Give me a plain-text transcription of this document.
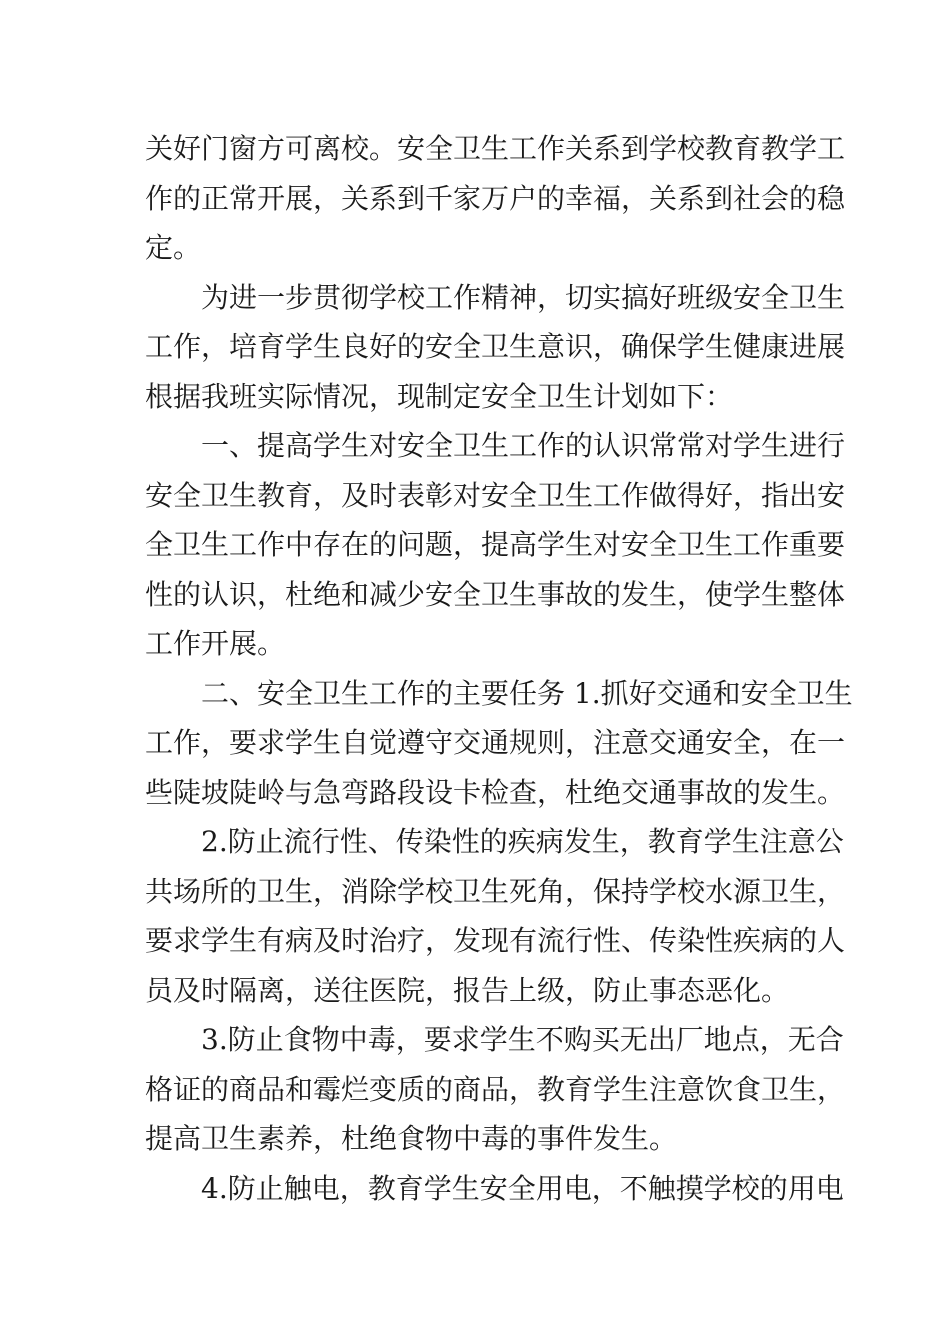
关好门窗方可离校。安全卫生工作关系到学校教育教学工
作的正常开展，关系到千家万户的幸福，关系到社会的稳
定。
　　为进一步贯彻学校工作精神，切实搞好班级安全卫生
工作，培育学生良好的安全卫生意识，确保学生健康进展
根据我班实际情况，现制定安全卫生计划如下：
　　一、提高学生对安全卫生工作的认识常常对学生进行
安全卫生教育，及时表彰对安全卫生工作做得好，指出安
全卫生工作中存在的问题，提高学生对安全卫生工作重要
性的认识，杜绝和减少安全卫生事故的发生，使学生整体
工作开展。
　　二、安全卫生工作的主要任务 1.抓好交通和安全卫生
工作，要求学生自觉遵守交通规则，注意交通安全，在一
些陡坡陡岭与急弯路段设卡检查，杜绝交通事故的发生。
　　2.防止流行性、传染性的疾病发生，教育学生注意公
共场所的卫生，消除学校卫生死角，保持学校水源卫生，
要求学生有病及时治疗，发现有流行性、传染性疾病的人
员及时隔离，送往医院，报告上级，防止事态恶化。
　　3.防止食物中毒，要求学生不购买无出厂地点，无合
格证的商品和霉烂变质的商品，教育学生注意饮食卫生，
提高卫生素养，杜绝食物中毒的事件发生。
　　4.防止触电，教育学生安全用电，不触摸学校的用电
